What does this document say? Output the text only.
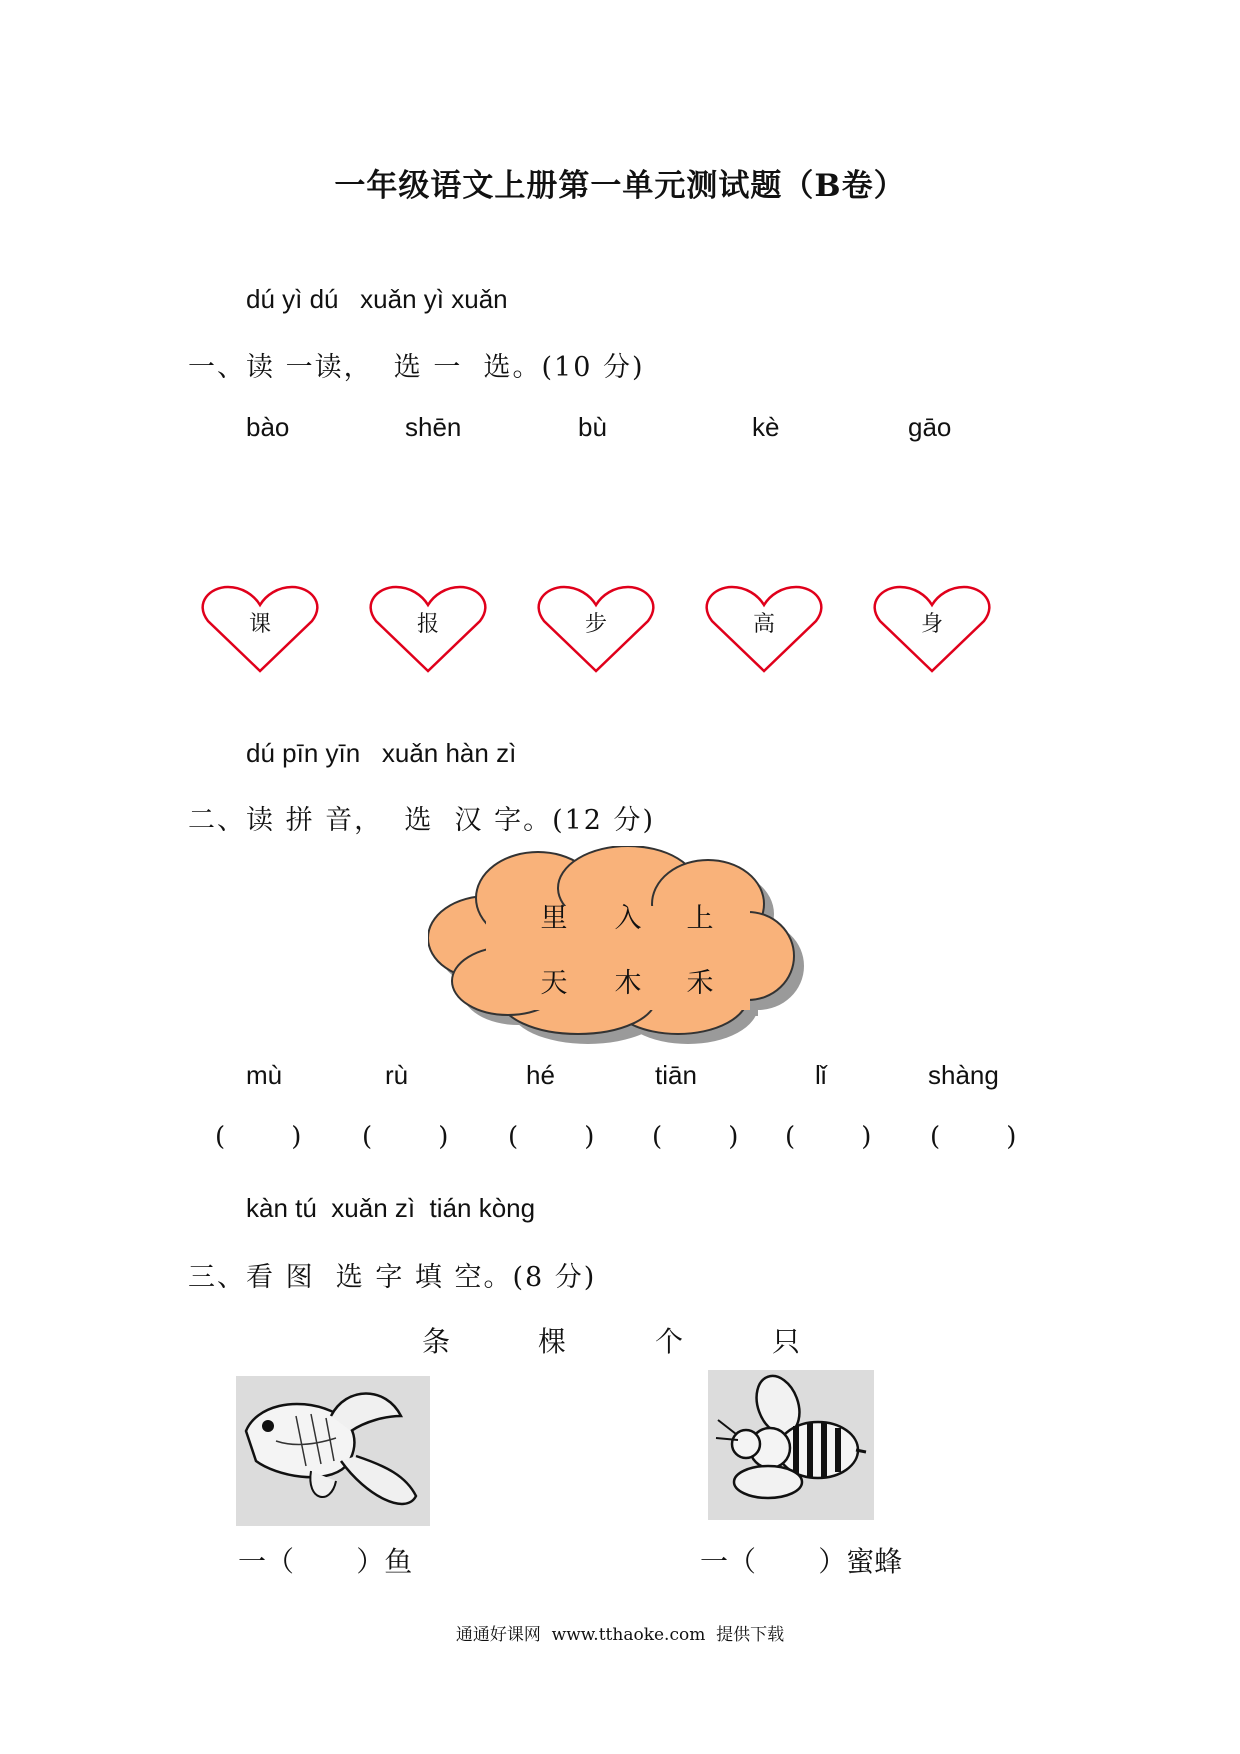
一年级语文上册第一单元测试题（B卷）
dú yì dú   xuǎn yì xuǎn
一、读 一读，  选 一  选。(10 分)
bào	shēn	bù	kè	gāo
课	报	步	高	身
dú pīn yīn   xuǎn hàn zì
二、读 拼 音，  选  汉 字。(12 分)
里 入 上
天 木 禾
mù	rù	hé	tiān	lǐ	shàng
(        ) (        ) (        ) (        ) (        ) (        )
kàn tú  xuǎn zì  tián kòng
三、看 图  选 字 填 空。(8 分)
条	棵	个	只
一（       ）鱼	一（       ）蜜蜂
通通好课网  www.tthaoke.com  提供下载
